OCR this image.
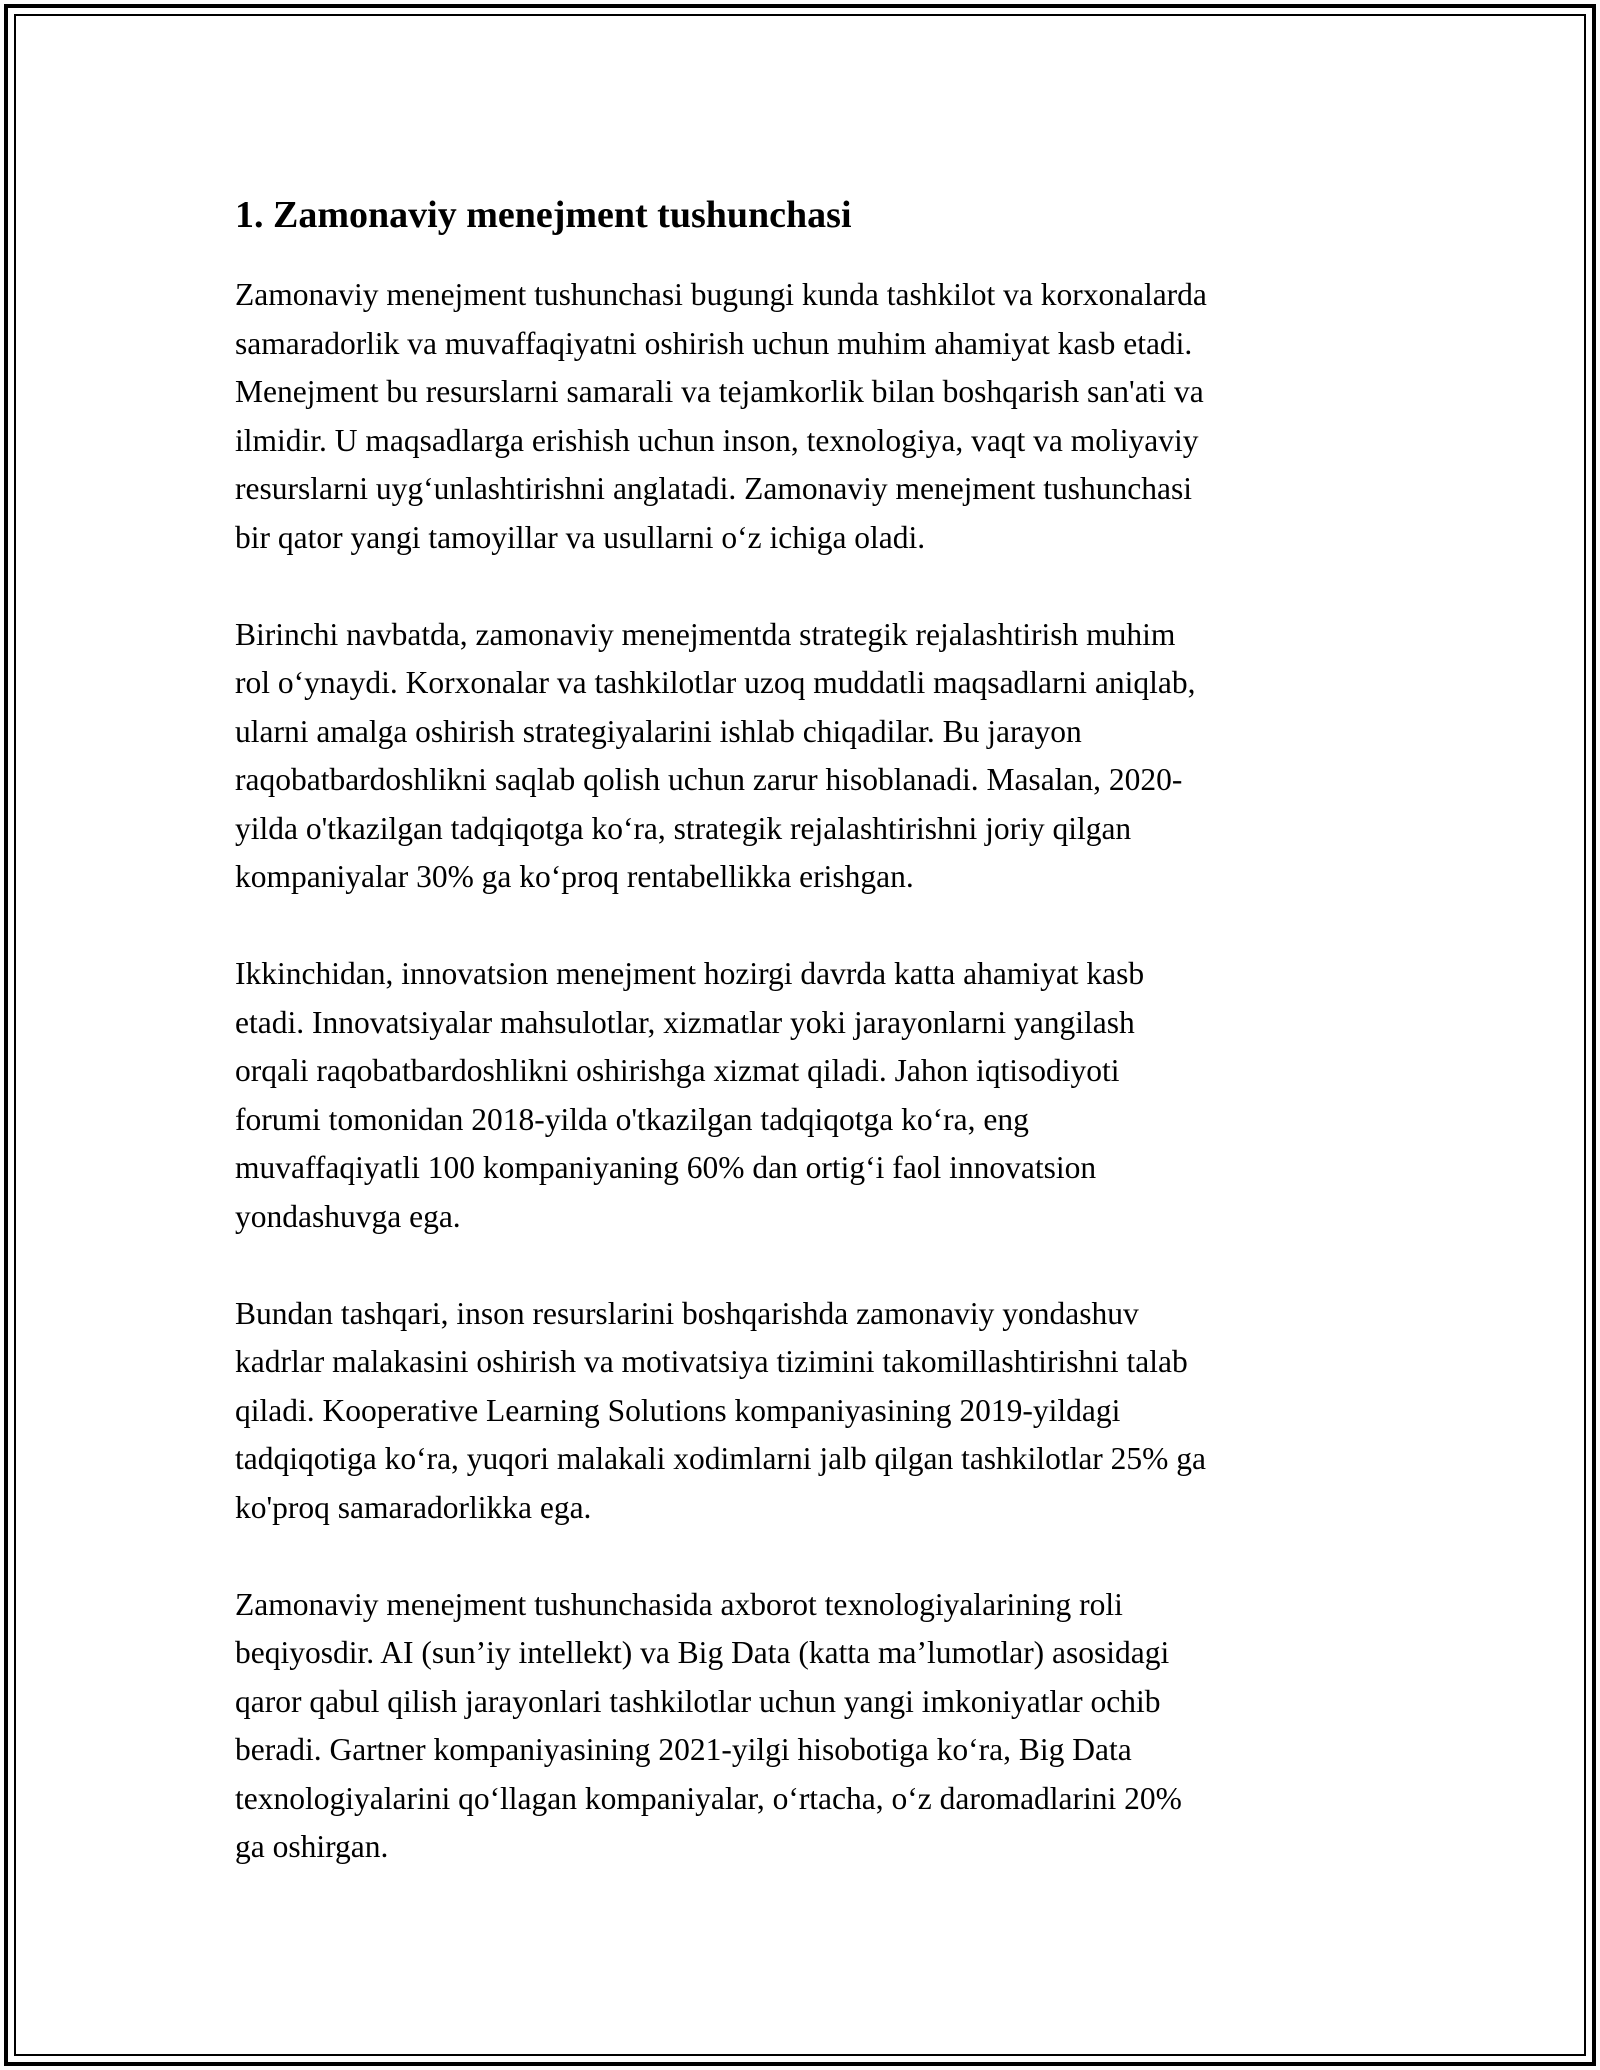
1. Zamonaviy menejment tushunchasi

Zamonaviy menejment tushunchasi bugungi kunda tashkilot va korxonalarda
samaradorlik va muvaffaqiyatni oshirish uchun muhim ahamiyat kasb etadi.
Menejment bu resurslarni samarali va tejamkorlik bilan boshqarish san'ati va
ilmidir. U maqsadlarga erishish uchun inson, texnologiya, vaqt va moliyaviy
resurslarni uygʻunlashtirishni anglatadi. Zamonaviy menejment tushunchasi
bir qator yangi tamoyillar va usullarni oʻz ichiga oladi.

Birinchi navbatda, zamonaviy menejmentda strategik rejalashtirish muhim
rol oʻynaydi. Korxonalar va tashkilotlar uzoq muddatli maqsadlarni aniqlab,
ularni amalga oshirish strategiyalarini ishlab chiqadilar. Bu jarayon
raqobatbardoshlikni saqlab qolish uchun zarur hisoblanadi. Masalan, 2020-
yilda o'tkazilgan tadqiqotga koʻra, strategik rejalashtirishni joriy qilgan
kompaniyalar 30% ga koʻproq rentabellikka erishgan.

Ikkinchidan, innovatsion menejment hozirgi davrda katta ahamiyat kasb
etadi. Innovatsiyalar mahsulotlar, xizmatlar yoki jarayonlarni yangilash
orqali raqobatbardoshlikni oshirishga xizmat qiladi. Jahon iqtisodiyoti
forumi tomonidan 2018-yilda o'tkazilgan tadqiqotga koʻra, eng
muvaffaqiyatli 100 kompaniyaning 60% dan ortigʻi faol innovatsion
yondashuvga ega.

Bundan tashqari, inson resurslarini boshqarishda zamonaviy yondashuv
kadrlar malakasini oshirish va motivatsiya tizimini takomillashtirishni talab
qiladi. Kooperative Learning Solutions kompaniyasining 2019-yildagi
tadqiqotiga koʻra, yuqori malakali xodimlarni jalb qilgan tashkilotlar 25% ga
ko'proq samaradorlikka ega.

Zamonaviy menejment tushunchasida axborot texnologiyalarining roli
beqiyosdir. AI (sun’iy intellekt) va Big Data (katta ma’lumotlar) asosidagi
qaror qabul qilish jarayonlari tashkilotlar uchun yangi imkoniyatlar ochib
beradi. Gartner kompaniyasining 2021-yilgi hisobotiga koʻra, Big Data
texnologiyalarini qoʻllagan kompaniyalar, oʻrtacha, oʻz daromadlarini 20%
ga oshirgan.
